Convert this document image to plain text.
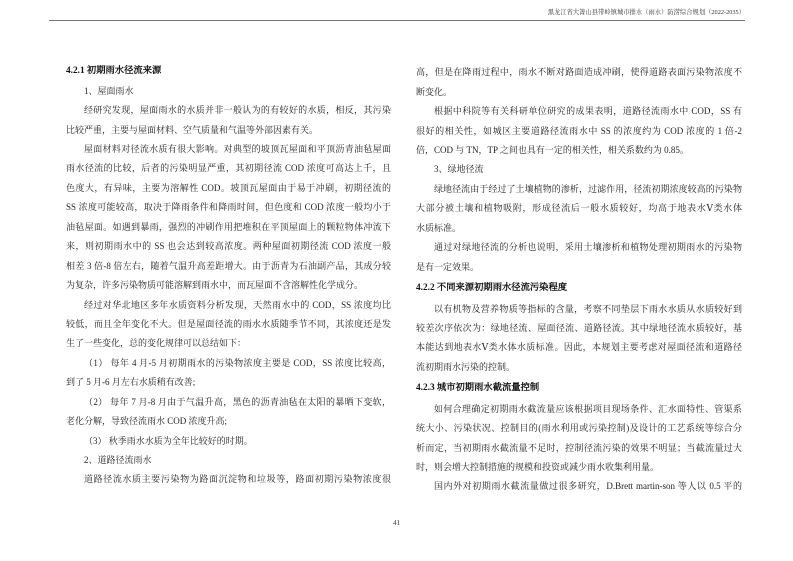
黑龙江省大箐山县带岭镇城市排水（雨水）防涝综合规划（2022-2035）
4.2.1 初期雨水径流来源
1、屋面雨水
经研究发现，屋面雨水的水质并非一般认为的有较好的水质，相反，其污染
比较严重，主要与屋面材料、空气质量和气温等外部因素有关。
屋面材料对径流水质有很大影响。对典型的坡顶瓦屋面和平顶沥青油毡屋面
雨水径流的比较，后者的污染明显严重，其初期径流 COD 浓度可高达上千，且
色度大，有异味，主要为溶解性 COD。坡顶瓦屋面由于易于冲刷，初期径流的
SS 浓度可能较高，取决于降雨条件和降雨时间，但色度和 COD 浓度一般均小于
油毡屋面。如遇到暴雨，强烈的冲刷作用把堆积在平顶屋面上的颗粒物体冲流下
来，则初期雨水中的 SS 也会达到较高浓度。两种屋面初期径流 COD 浓度一般
相差 3 倍-8 倍左右，随着气温升高差距增大。由于沥青为石油副产品，其成分较
为复杂，许多污染物质可能溶解到雨水中，而瓦屋面不含溶解性化学成分。
经过对华北地区多年水质资料分析发现，天然雨水中的 COD，SS 浓度均比
较低，而且全年变化不大。但是屋面径流的雨水水质随季节不同，其浓度还是发
生了一些变化，总的变化规律可以总结如下：
（1） 每年 4 月-5 月初期雨水的污染物浓度主要是 COD，SS 浓度比较高，
到了 5 月-6 月左右水质稍有改善;
（2） 每年 7 月-8 月由于气温升高，黑色的沥青油毡在太阳的暴晒下变软，
老化分解，导致径流雨水 COD 浓度升高;
（3） 秋季雨水水质为全年比较好的时期。
2、道路径流雨水
道路径流水质主要污染物为路面沉淀物和垃圾等，路面初期污染物浓度很
高，但是在降雨过程中，雨水不断对路面造成冲刷，使得道路表面污染物浓度不
断变化。
根据中科院等有关科研单位研究的成果表明，道路径流雨水中 COD，SS 有
很好的相关性，如城区主要道路径流雨水中 SS 的浓度约为 COD 浓度的 1 倍-2
倍，COD 与 TN，TP 之间也具有一定的相关性，相关系数约为 0.85。
3、绿地径流
绿地径流由于经过了土壤植物的渗析，过滤作用，径流初期浓度较高的污染物
大部分被土壤和植物吸附，形成径流后一般水质较好，均高于地表水Ⅴ类水体
水质标准。
通过对绿地径流的分析也说明，采用土壤渗析和植物处理初期雨水的污染物
是有一定效果。
4.2.2 不同来源初期雨水径流污染程度
以有机物及营养物质等指标的含量，考察不同垫层下雨水水质从水质较好到
较差次序依次为：绿地径流、屋面径流、道路径流。其中绿地径流水质较好，基
本能达到地表水Ⅴ类水体水质标准。因此，本规划主要考虑对屋面径流和道路径
流初期雨水污染的控制。
4.2.3 城市初期雨水截流量控制
如何合理确定初期雨水截流量应该根据项目现场条件、汇水面特性、管渠系
统大小、污染状况、控制目的(雨水利用或污染控制)及设计的工艺系统等综合分
析而定，当初期雨水截流量不足时，控制径流污染的效果不明显；当截流量过大
时，则会增大控制措施的规模和投资或减少雨水收集利用量。
国内外对初期雨水截流量做过很多研究，D.Brett martin-son 等人以 0.5 平的
41
